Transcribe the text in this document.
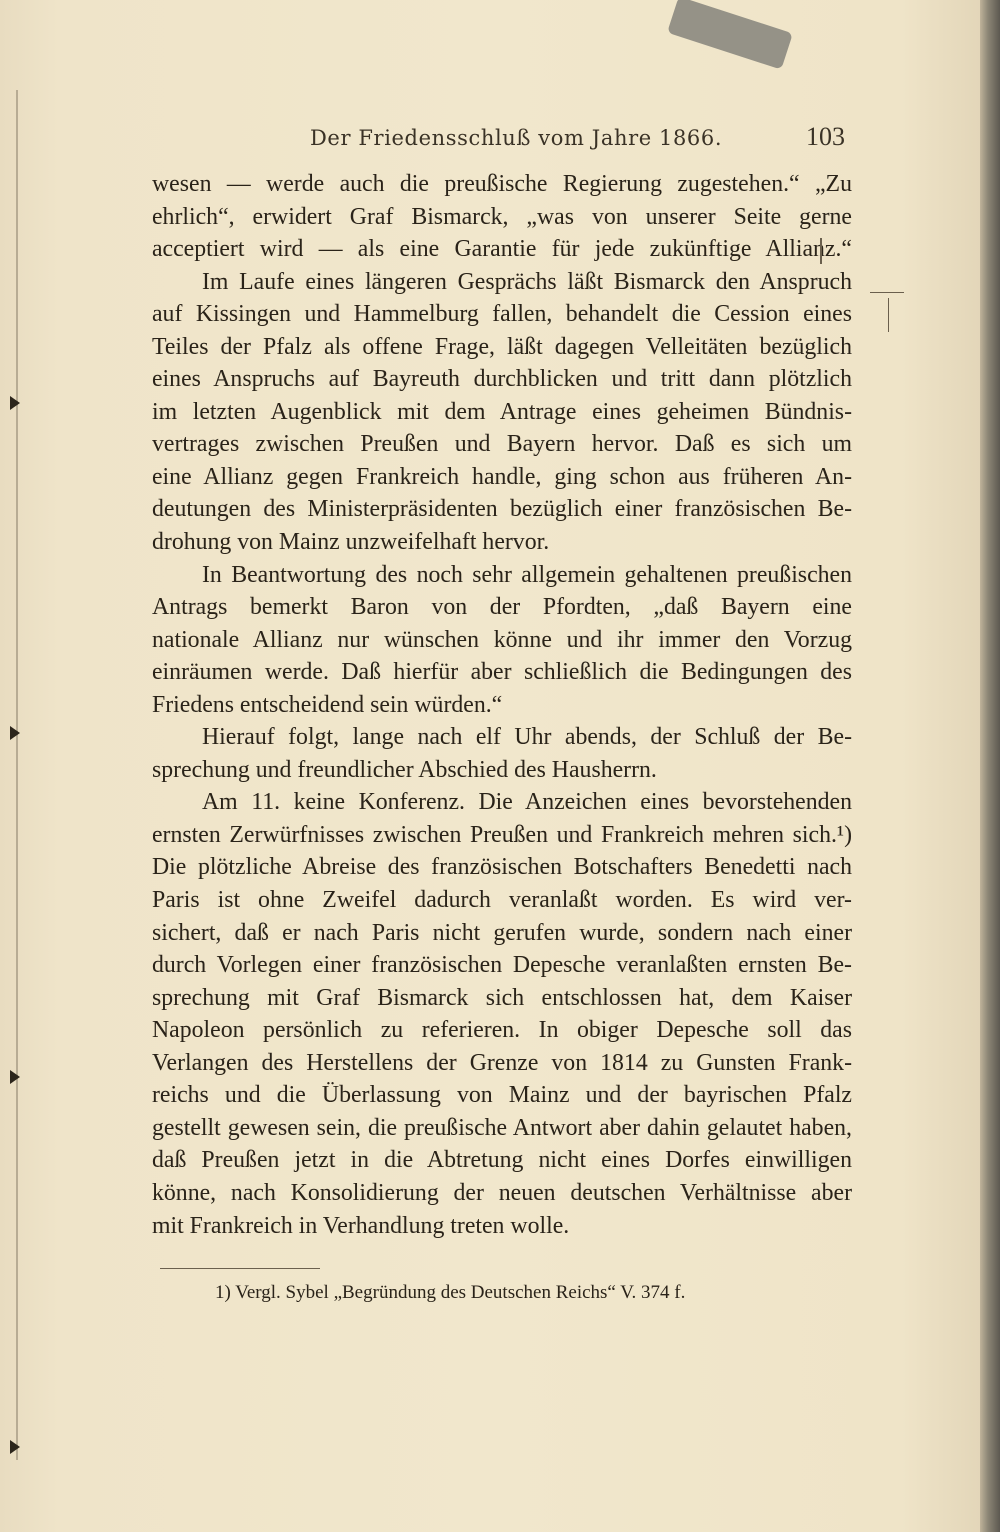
Der Friedensschluß vom Jahre 1866.	103
wesen — werde auch die preußische Regierung zugestehen.“ „Zu
ehrlich“, erwidert Graf Bismarck, „was von unserer Seite gerne
acceptiert wird — als eine Garantie für jede zukünftige Allianz.“
Im Laufe eines längeren Gesprächs läßt Bismarck den Anspruch
auf Kissingen und Hammelburg fallen, behandelt die Cession eines
Teiles der Pfalz als offene Frage, läßt dagegen Velleitäten bezüglich
eines Anspruchs auf Bayreuth durchblicken und tritt dann plötzlich
im letzten Augenblick mit dem Antrage eines geheimen Bündnis-
vertrages zwischen Preußen und Bayern hervor. Daß es sich um
eine Allianz gegen Frankreich handle, ging schon aus früheren An-
deutungen des Ministerpräsidenten bezüglich einer französischen Be-
drohung von Mainz unzweifelhaft hervor.
In Beantwortung des noch sehr allgemein gehaltenen preußischen
Antrags bemerkt Baron von der Pfordten, „daß Bayern eine
nationale Allianz nur wünschen könne und ihr immer den Vorzug
einräumen werde. Daß hierfür aber schließlich die Bedingungen des
Friedens entscheidend sein würden.“
Hierauf folgt, lange nach elf Uhr abends, der Schluß der Be-
sprechung und freundlicher Abschied des Hausherrn.
Am 11. keine Konferenz. Die Anzeichen eines bevorstehenden
ernsten Zerwürfnisses zwischen Preußen und Frankreich mehren sich.¹)
Die plötzliche Abreise des französischen Botschafters Benedetti nach
Paris ist ohne Zweifel dadurch veranlaßt worden. Es wird ver-
sichert, daß er nach Paris nicht gerufen wurde, sondern nach einer
durch Vorlegen einer französischen Depesche veranlaßten ernsten Be-
sprechung mit Graf Bismarck sich entschlossen hat, dem Kaiser
Napoleon persönlich zu referieren. In obiger Depesche soll das
Verlangen des Herstellens der Grenze von 1814 zu Gunsten Frank-
reichs und die Überlassung von Mainz und der bayrischen Pfalz
gestellt gewesen sein, die preußische Antwort aber dahin gelautet haben,
daß Preußen jetzt in die Abtretung nicht eines Dorfes einwilligen
könne, nach Konsolidierung der neuen deutschen Verhältnisse aber
mit Frankreich in Verhandlung treten wolle.
1) Vergl. Sybel „Begründung des Deutschen Reichs“ V. 374 f.
